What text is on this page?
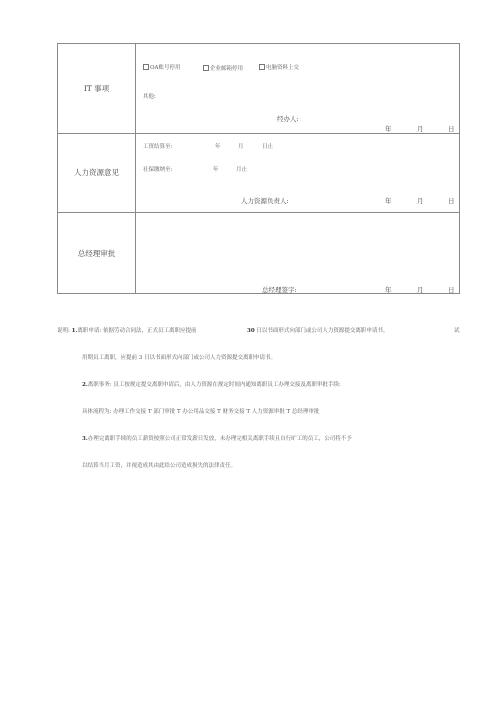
IT 事项
OA账号停用	企业邮箱停用	电脑资料上交
其他:
经办人:
年	月	日
人力资源意见
工资结算至:	年	月	日止
社保缴纳至:	年	月止
人力资源负责人:	年	月	日
总经理审批
总经理签字:	年	月	日
说明: 1.离职申请: 依据劳动合同法，正式员工离职应提前	30 日以书面形式向部门或公司人力资源提交离职申请书。	试
用期员工离职，应提前 3 日以书面形式向部门或公司人力资源提交离职申请书。
2.离职事务: 员工按规定提交离职申请后，由人力资源在规定时间内通知离职员工办理交接及离职审批手续:
具体流程为: 办理工作交接 T 部门审批 T 办公用品交接 T 财务交接 T 人力资源审批 T 总经理审批
3.办理完离职手续的员工薪资按照公司正常发薪日发放，未办理完相关离职手续且自行旷工的员工，公司将不予
以结算当月工资，并视造成其由此给公司造成损失的法律责任。
